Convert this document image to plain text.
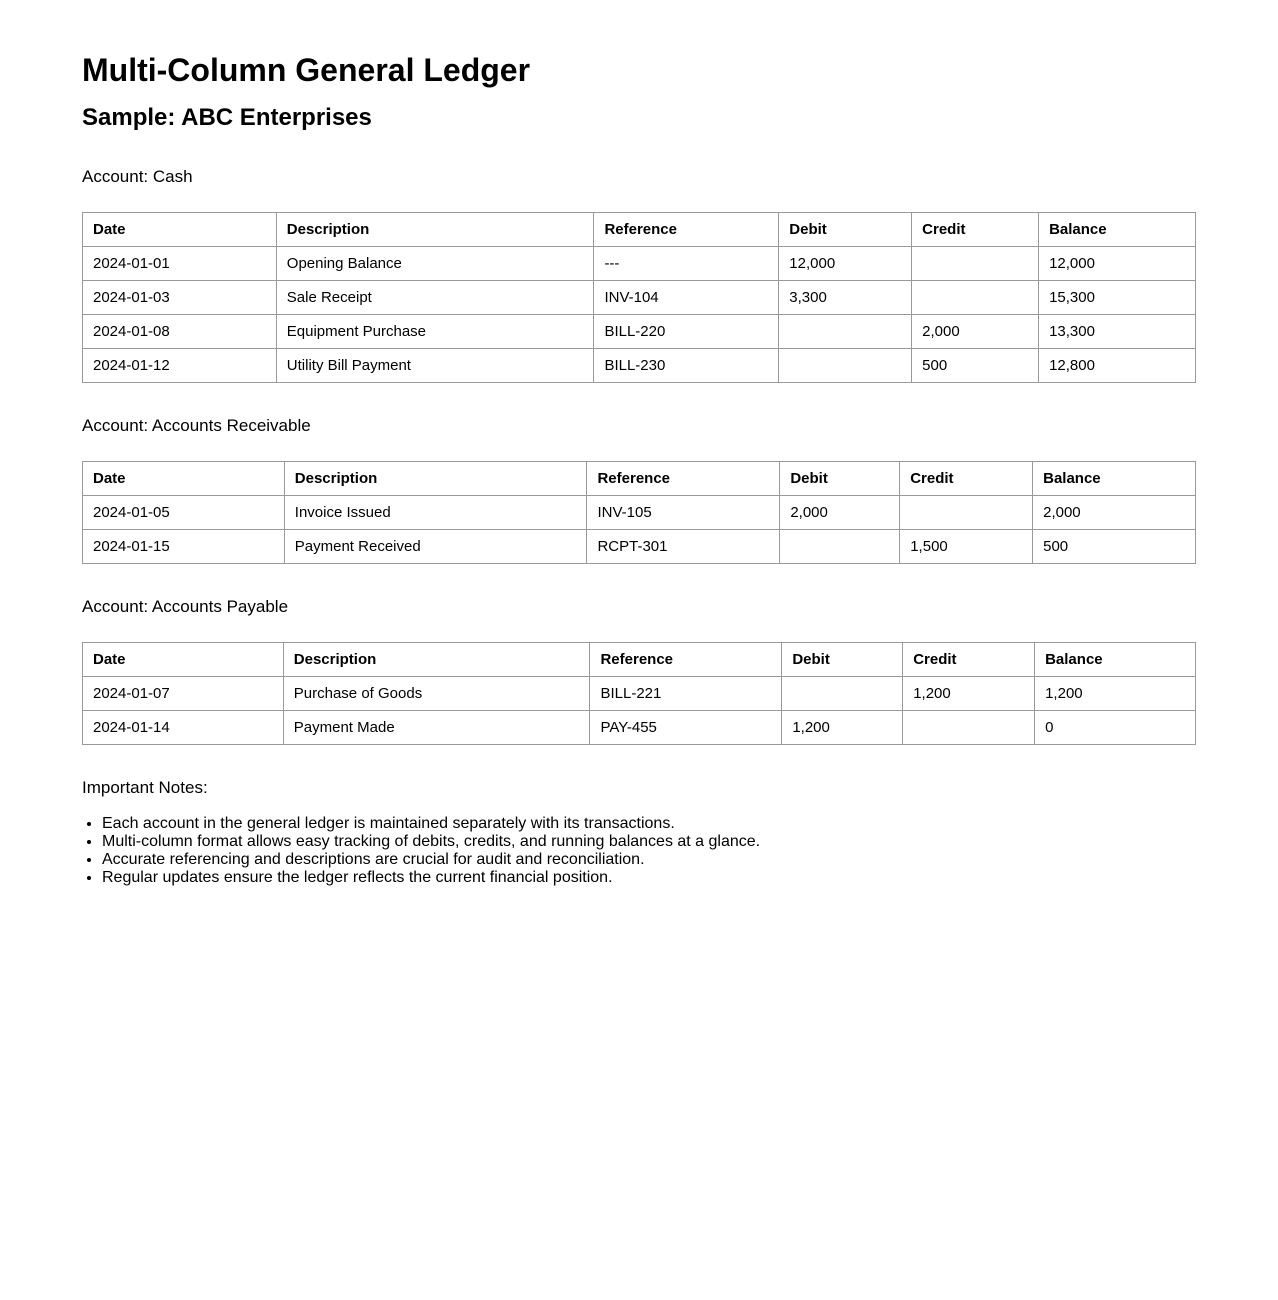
Multi-Column General Ledger
Sample: ABC Enterprises

Account: Cash

Date	Description	Reference	Debit	Credit	Balance
2024-01-01	Opening Balance	---	12,000		12,000
2024-01-03	Sale Receipt	INV-104	3,300		15,300
2024-01-08	Equipment Purchase	BILL-220		2,000	13,300
2024-01-12	Utility Bill Payment	BILL-230		500	12,800

Account: Accounts Receivable

Date	Description	Reference	Debit	Credit	Balance
2024-01-05	Invoice Issued	INV-105	2,000		2,000
2024-01-15	Payment Received	RCPT-301		1,500	500

Account: Accounts Payable

Date	Description	Reference	Debit	Credit	Balance
2024-01-07	Purchase of Goods	BILL-221		1,200	1,200
2024-01-14	Payment Made	PAY-455	1,200		0

Important Notes:

• Each account in the general ledger is maintained separately with its transactions.
• Multi-column format allows easy tracking of debits, credits, and running balances at a glance.
• Accurate referencing and descriptions are crucial for audit and reconciliation.
• Regular updates ensure the ledger reflects the current financial position.
